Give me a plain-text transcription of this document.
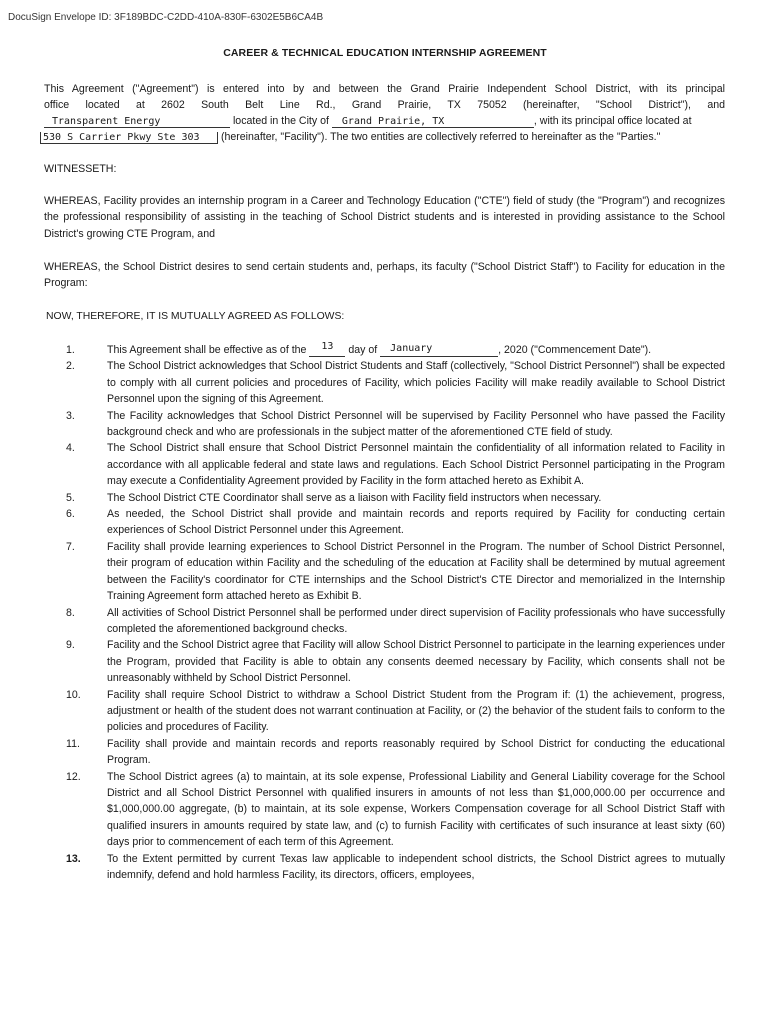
DocuSign Envelope ID: 3F189BDC-C2DD-410A-830F-6302E5B6CA4B
CAREER & TECHNICAL EDUCATION INTERNSHIP AGREEMENT
This Agreement ("Agreement") is entered into by and between the Grand Prairie Independent School District, with its principal
office located at 2602 South Belt Line Rd., Grand Prairie, TX 75052 (hereinafter, "School District"), and
Transparent Energy	located in the City of Grand Prairie, TX	, with its principal office located at
530 S Carrier Pkwy Ste 303 (hereinafter, "Facility"). The two entities are collectively referred to hereinafter as the "Parties."
WITNESSETH:
WHEREAS, Facility provides an internship program in a Career and Technology Education ("CTE") field of study (the "Program") and recognizes the professional responsibility of assisting in the teaching of School District students and is interested in providing assistance to the School District's growing CTE Program, and
WHEREAS, the School District desires to send certain students and, perhaps, its faculty ("School District Staff") to Facility for education in the Program:
NOW, THEREFORE, IT IS MUTUALLY AGREED AS FOLLOWS:
1.	This Agreement shall be effective as of the 13 day of January	, 2020 ("Commencement Date").
2.	The School District acknowledges that School District Students and Staff (collectively, "School District Personnel") shall be expected to comply with all current policies and procedures of Facility, which policies Facility will make readily available to School District Personnel upon the signing of this Agreement.
3.	The Facility acknowledges that School District Personnel will be supervised by Facility Personnel who have passed the Facility background check and who are professionals in the subject matter of the aforementioned CTE field of study.
4.	The School District shall ensure that School District Personnel maintain the confidentiality of all information related to Facility in accordance with all applicable federal and state laws and regulations. Each School District Personnel participating in the Program may execute a Confidentiality Agreement provided by Facility in the form attached hereto as Exhibit A.
5.	The School District CTE Coordinator shall serve as a liaison with Facility field instructors when necessary.
6.	As needed, the School District shall provide and maintain records and reports required by Facility for conducting certain experiences of School District Personnel under this Agreement.
7.	Facility shall provide learning experiences to School District Personnel in the Program. The number of School District Personnel, their program of education within Facility and the scheduling of the education at Facility shall be determined by mutual agreement between the Facility's coordinator for CTE internships and the School District's CTE Director and memorialized in the Internship Training Agreement form attached hereto as Exhibit B.
8.	All activities of School District Personnel shall be performed under direct supervision of Facility professionals who have successfully completed the aforementioned background checks.
9.	Facility and the School District agree that Facility will allow School District Personnel to participate in the learning experiences under the Program, provided that Facility is able to obtain any consents deemed necessary by Facility, which consents shall not be unreasonably withheld by School District Personnel.
10.	Facility shall require School District to withdraw a School District Student from the Program if: (1) the achievement, progress, adjustment or health of the student does not warrant continuation at Facility, or (2) the behavior of the student fails to conform to the policies and procedures of Facility.
11.	Facility shall provide and maintain records and reports reasonably required by School District for conducting the educational Program.
12.	The School District agrees (a) to maintain, at its sole expense, Professional Liability and General Liability coverage for the School District and all School District Personnel with qualified insurers in amounts of not less than $1,000,000.00 per occurrence and $1,000,000.00 aggregate, (b) to maintain, at its sole expense, Workers Compensation coverage for all School District Staff with qualified insurers in amounts required by state law, and (c) to furnish Facility with certificates of such insurance at least sixty (60) days prior to commencement of each term of this Agreement.
13.	To the Extent permitted by current Texas law applicable to independent school districts, the School District agrees to mutually indemnify, defend and hold harmless Facility, its directors, officers, employees,
